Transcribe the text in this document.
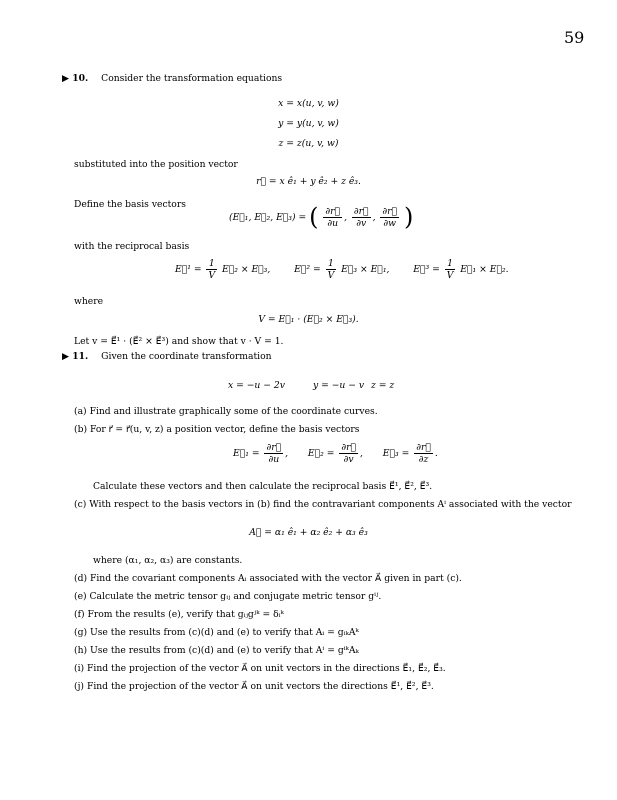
59
▶ 10. Consider the transformation equations
x = x(u, v, w)
y = y(u, v, w)
z = z(u, v, w)
substituted into the position vector
r⃗ = x ê₁ + y ê₂ + z ê₃.
Define the basis vectors
(E⃗₁, E⃗₂, E⃗₃) = ( $\frac{\partial r⃗}{\partial u}$ , $\frac{\partial r⃗}{\partial v}$ , $\frac{\partial r⃗}{\partial w}$ )
with the reciprocal basis
E⃗¹ = $\frac{1}{V}$ E⃗₂ × E⃗₃,	E⃗² = $\frac{1}{V}$ E⃗₃ × E⃗₁,	E⃗³ = $\frac{1}{V}$ E⃗₁ × E⃗₂.
where
V = E⃗₁ · (E⃗₂ × E⃗₃).
Let v = E⃗¹ · (E⃗² × E⃗³) and show that v · V = 1.
▶ 11. Given the coordinate transformation
x = −u − 2v	y = −u − v z = z
(a) Find and illustrate graphically some of the coordinate curves.
(b) For r⃗ = r⃗(u, v, z) a position vector, define the basis vectors
E⃗₁ = $\frac{\partial r⃗}{\partial u}$ ,  E⃗₂ = $\frac{\partial r⃗}{\partial v}$ ,  E⃗₃ = $\frac{\partial r⃗}{\partial z}$ .
Calculate these vectors and then calculate the reciprocal basis E⃗¹, E⃗², E⃗³.
(c) With respect to the basis vectors in (b) find the contravariant components Aⁱ associated with the vector
A⃗ = α₁ ê₁ + α₂ ê₂ + α₃ ê₃
where (α₁, α₂, α₃) are constants.
(d) Find the covariant components Aᵢ associated with the vector A⃗ given in part (c).
(e) Calculate the metric tensor gᵢⱼ and conjugate metric tensor gⁱʲ.
(f) From the results (e), verify that gᵢⱼgʲᵏ = δᵢᵏ
(g) Use the results from (c)(d) and (e) to verify that Aᵢ = gᵢₖAᵏ
(h) Use the results from (c)(d) and (e) to verify that Aⁱ = gⁱᵏAₖ
(i) Find the projection of the vector A⃗ on unit vectors in the directions E⃗₁, E⃗₂, E⃗₃.
(j) Find the projection of the vector A⃗ on unit vectors the directions E⃗¹, E⃗², E⃗³.
